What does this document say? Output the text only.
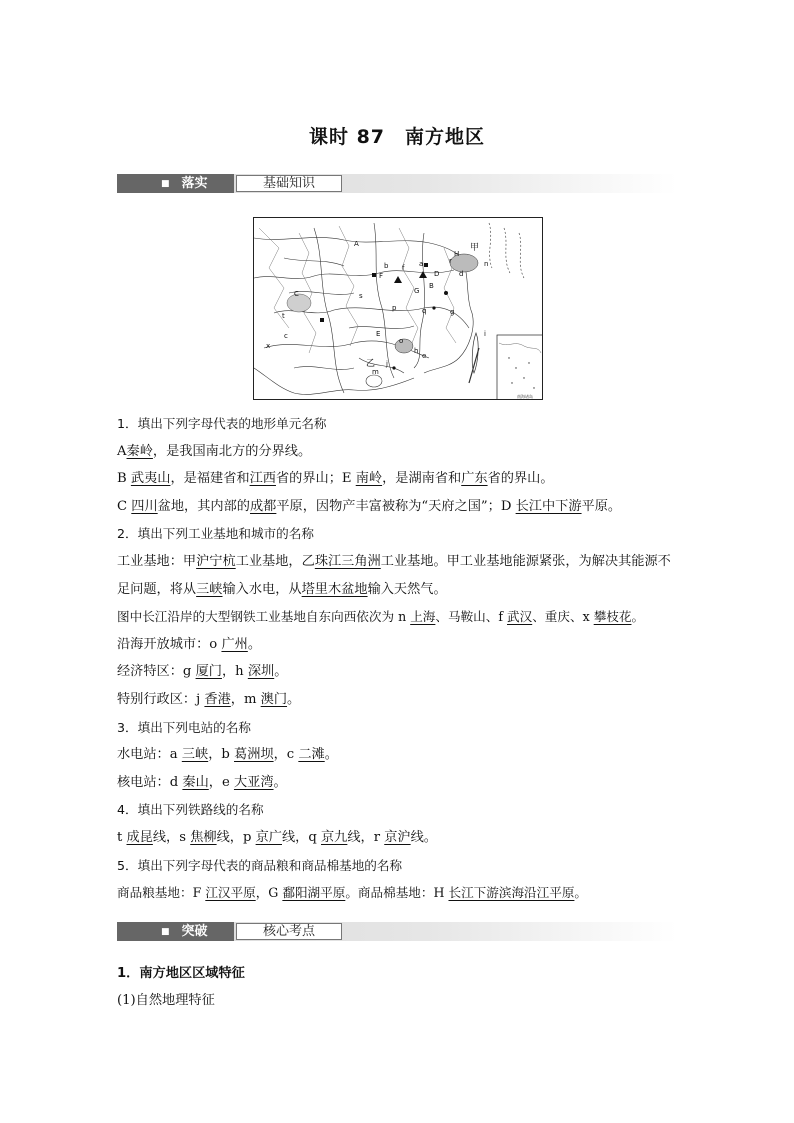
课时 87　南方地区
■ 落实	基础知识
甲
乙
A
B
C
D
E
F
G
H
a
b
c
d
e
f
g
h
i
j
m
n
o
p	q
r
s
t
x
南海诸岛

1．填出下列字母代表的地形单元名称

A秦岭，是我国南北方的分界线。

B 武夷山，是福建省和江西省的界山；E 南岭，是湖南省和广东省的界山。

C 四川盆地，其内部的成都平原，因物产丰富被称为“天府之国”；D 长江中下游平原。

2．填出下列工业基地和城市的名称

工业基地：甲沪宁杭工业基地，乙珠江三角洲工业基地。甲工业基地能源紧张，为解决其能源不足问题，将从三峡输入水电，从塔里木盆地输入天然气。

图中长江沿岸的大型钢铁工业基地自东向西依次为 n 上海、马鞍山、f 武汉、重庆、x 攀枝花。

沿海开放城市：o 广州。

经济特区：g 厦门，h 深圳。

特别行政区：j 香港，m 澳门。

3．填出下列电站的名称

水电站：a 三峡，b 葛洲坝，c 二滩。

核电站：d 秦山，e 大亚湾。

4．填出下列铁路线的名称

t 成昆线，s 焦柳线，p 京广线，q 京九线，r 京沪线。

5．填出下列字母代表的商品粮和商品棉基地的名称

商品粮基地：F 江汉平原，G 鄱阳湖平原。商品棉基地：H 长江下游滨海沿江平原。

■ 突破	核心考点
1．南方地区区域特征
(1)自然地理特征
